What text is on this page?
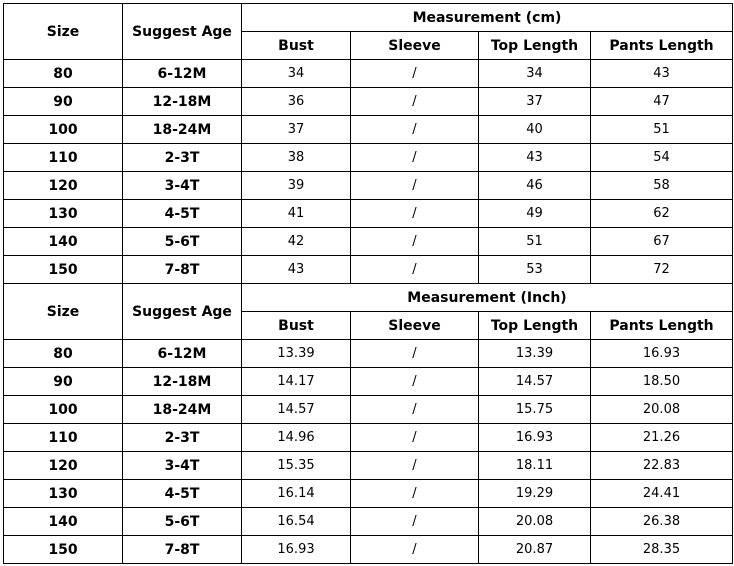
Size	Suggest Age	Measurement (cm)			
		Bust	Sleeve	Top Length	Pants Length
80	6-12M	34	/	34	43
90	12-18M	36	/	37	47
100	18-24M	37	/	40	51
110	2-3T	38	/	43	54
120	3-4T	39	/	46	58
130	4-5T	41	/	49	62
140	5-6T	42	/	51	67
150	7-8T	43	/	53	72
Size	Suggest Age	Measurement (Inch)			
		Bust	Sleeve	Top Length	Pants Length
80	6-12M	13.39	/	13.39	16.93
90	12-18M	14.17	/	14.57	18.50
100	18-24M	14.57	/	15.75	20.08
110	2-3T	14.96	/	16.93	21.26
120	3-4T	15.35	/	18.11	22.83
130	4-5T	16.14	/	19.29	24.41
140	5-6T	16.54	/	20.08	26.38
150	7-8T	16.93	/	20.87	28.35
